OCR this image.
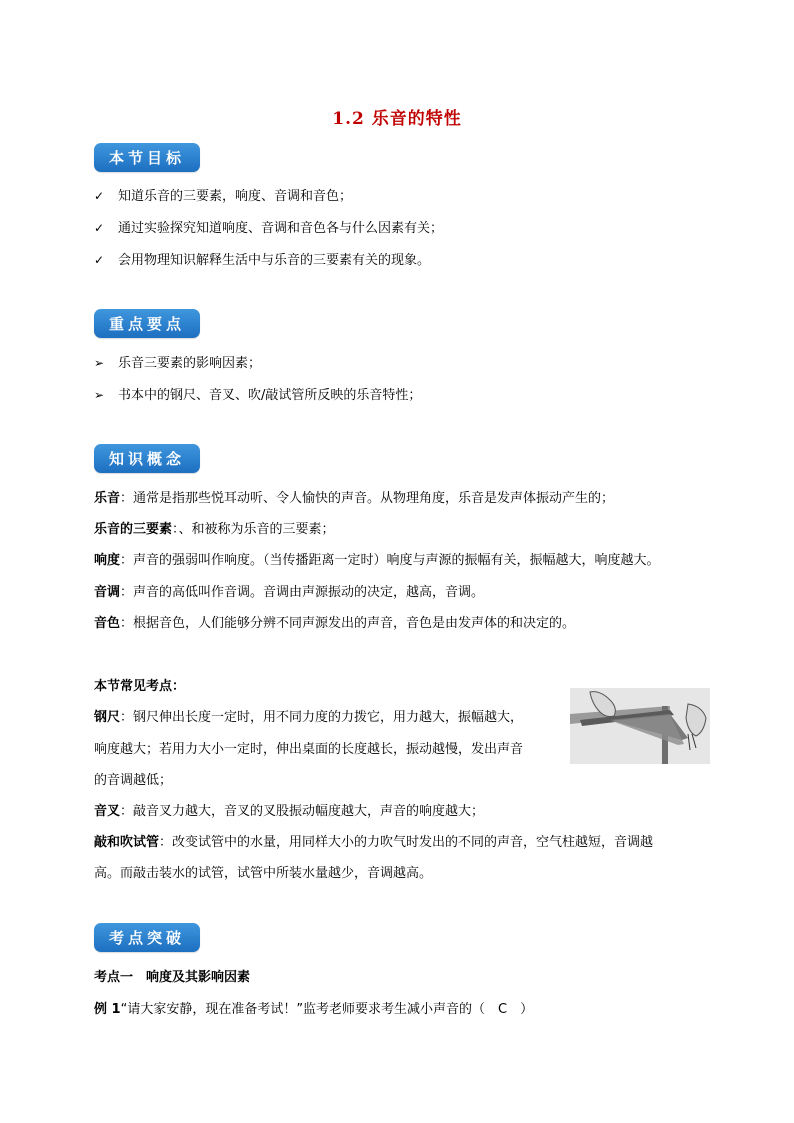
1.2 乐音的特性
本节目标
✓ 知道乐音的三要素，响度、音调和音色；
✓ 通过实验探究知道响度、音调和音色各与什么因素有关；
✓ 会用物理知识解释生活中与乐音的三要素有关的现象。
重点要点
➢ 乐音三要素的影响因素；
➢ 书本中的钢尺、音叉、吹/敲试管所反映的乐音特性；
知识概念
乐音：通常是指那些悦耳动听、令人愉快的声音。从物理角度，乐音是发声体振动产生的；
乐音的三要素：、和被称为乐音的三要素；
响度：声音的强弱叫作响度。（当传播距离一定时）响度与声源的振幅有关，振幅越大，响度越大。
音调：声音的高低叫作音调。音调由声源振动的决定，越高，音调。
音色：根据音色，人们能够分辨不同声源发出的声音，音色是由发声体的和决定的。
本节常见考点：
钢尺：钢尺伸出长度一定时，用不同力度的力拨它，用力越大，振幅越大，
响度越大；若用力大小一定时，伸出桌面的长度越长，振动越慢，发出声音
的音调越低；
音叉：敲音叉力越大，音叉的叉股振动幅度越大，声音的响度越大；
敲和吹试管：改变试管中的水量，用同样大小的力吹气时发出的不同的声音，空气柱越短，音调越
高。而敲击装水的试管，试管中所装水量越少，音调越高。
考点突破
考点一　响度及其影响因素
例 1“请大家安静，现在准备考试！”监考老师要求考生减小声音的（　C　）
